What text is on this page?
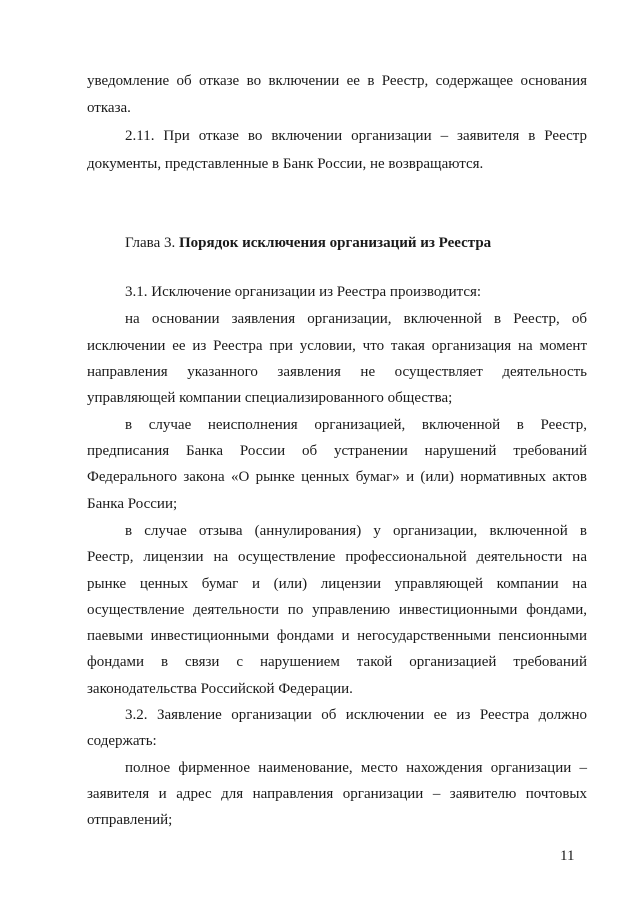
уведомление об отказе во включении ее в Реестр, содержащее основания
отказа.
2.11. При отказе во включении организации – заявителя в Реестр
документы, представленные в Банк России, не возвращаются.
Глава 3. Порядок исключения организаций из Реестра
3.1. Исключение организации из Реестра производится:
на основании заявления организации, включенной в Реестр, об
исключении ее из Реестра при условии, что такая организация на момент
направления указанного заявления не осуществляет деятельность
управляющей компании специализированного общества;
в случае неисполнения организацией, включенной в Реестр,
предписания Банка России об устранении нарушений требований
Федерального закона «О рынке ценных бумаг» и (или) нормативных актов
Банка России;
в случае отзыва (аннулирования) у организации, включенной в
Реестр, лицензии на осуществление профессиональной деятельности на
рынке ценных бумаг и (или) лицензии управляющей компании на
осуществление деятельности по управлению инвестиционными фондами,
паевыми инвестиционными фондами и негосударственными пенсионными
фондами в связи с нарушением такой организацией требований
законодательства Российской Федерации.
3.2. Заявление организации об исключении ее из Реестра должно
содержать:
полное фирменное наименование, место нахождения организации –
заявителя и адрес для направления организации – заявителю почтовых
отправлений;
11
